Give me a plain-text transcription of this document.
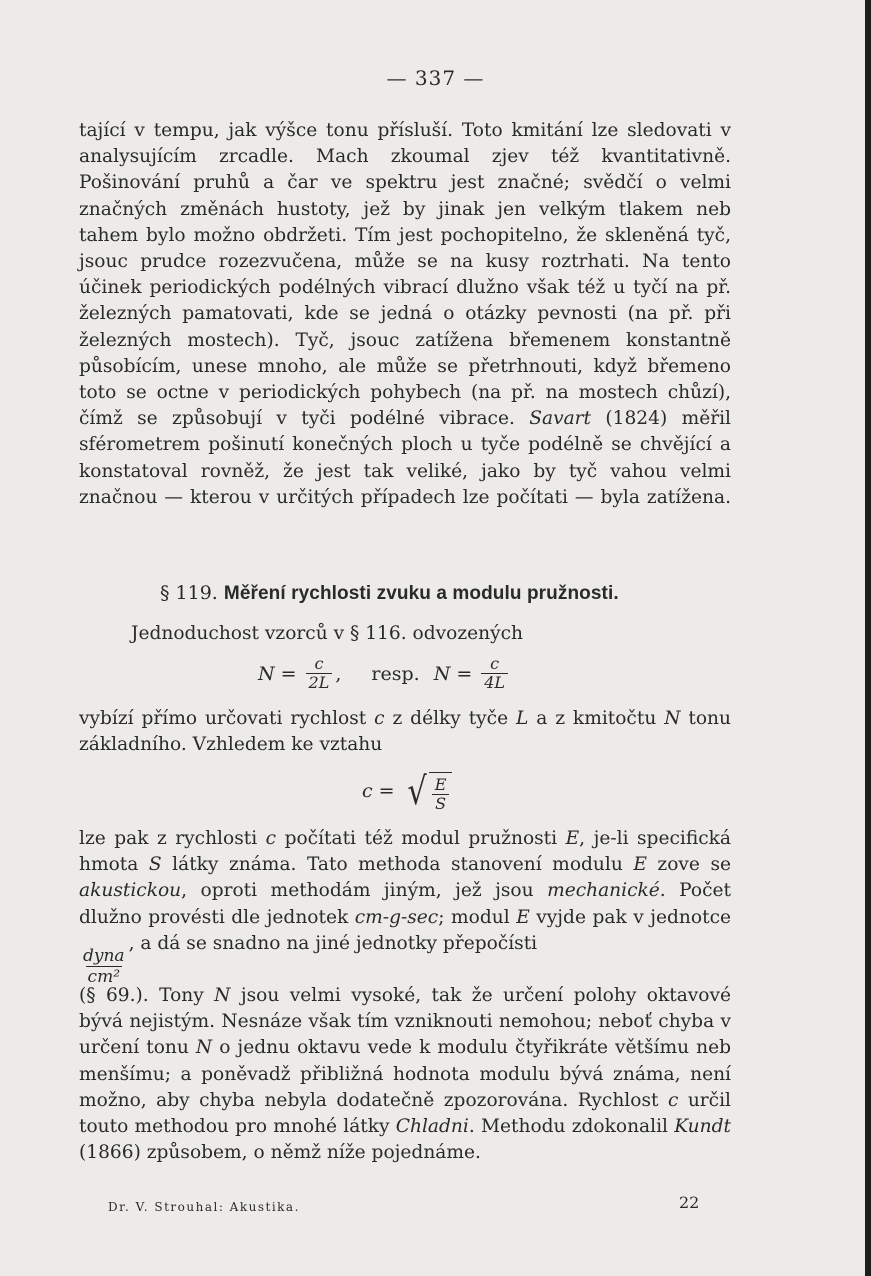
— 337 —

tající v tempu, jak výšce tonu přísluší. Toto kmitání lze sledovati v analysujícím zrcadle. Mach zkoumal zjev též kvantitativně. Pošinování pruhů a čar ve spektru jest značné; svědčí o velmi značných změnách hustoty, jež by jinak jen velkým tlakem neb tahem bylo možno obdržeti. Tím jest pochopitelno, že skleněná tyč, jsouc prudce rozezvučena, může se na kusy roztrhati. Na tento účinek periodických podélných vibrací dlužno však též u tyčí na př. železných pamatovati, kde se jedná o otázky pevnosti (na př. při železných mostech). Tyč, jsouc zatížena břemenem konstantně působícím, unese mnoho, ale může se přetrhnouti, když břemeno toto se octne v periodických pohybech (na př. na mostech chůzí), čímž se způsobují v tyči podélné vibrace. Savart (1824) měřil sférometrem pošinutí konečných ploch u tyče podélně se chvějící a konstatoval rovněž, že jest tak veliké, jako by tyč vahou velmi značnou — kterou v určitých případech lze počítati — byla zatížena.

§ 119. Měření rychlosti zvuku a modulu pružnosti.
Jednoduchost vzorců v § 116. odvozených
$N = \frac{c}{2L}$ , resp. $N = \frac{c}{4L}$

vybízí přímo určovati rychlost c z délky tyče L a z kmitočtu N tonu základního. Vzhledem ke vztahu

c = √ $\frac{E}{S}$

lze pak z rychlosti c počítati též modul pružnosti E, je-li specifická hmota S látky známa. Tato methoda stanovení modulu E zove se akustickou, oproti methodám jiným, jež jsou mechanické. Počet dlužno provésti dle jednotek cm-g-sec; modul E vyjde pak v jednotce
$\frac{\text{dyna}}{\text{cm²}}$
, a dá se snadno na jiné jednotky přepočísti

(§ 69.). Tony N jsou velmi vysoké, tak že určení polohy oktavové bývá nejistým. Nesnáze však tím vzniknouti nemohou; neboť chyba v určení tonu N o jednu oktavu vede k modulu čtyřikráte většímu neb menšímu; a poněvadž přibližná hodnota modulu bývá známa, není možno, aby chyba nebyla dodatečně zpozorována. Rychlost c určil touto methodou pro mnohé látky Chladni. Methodu zdokonalil Kundt (1866) způsobem, o němž níže pojednáme.

Dr. V. Strouhal: Akustika.	22
